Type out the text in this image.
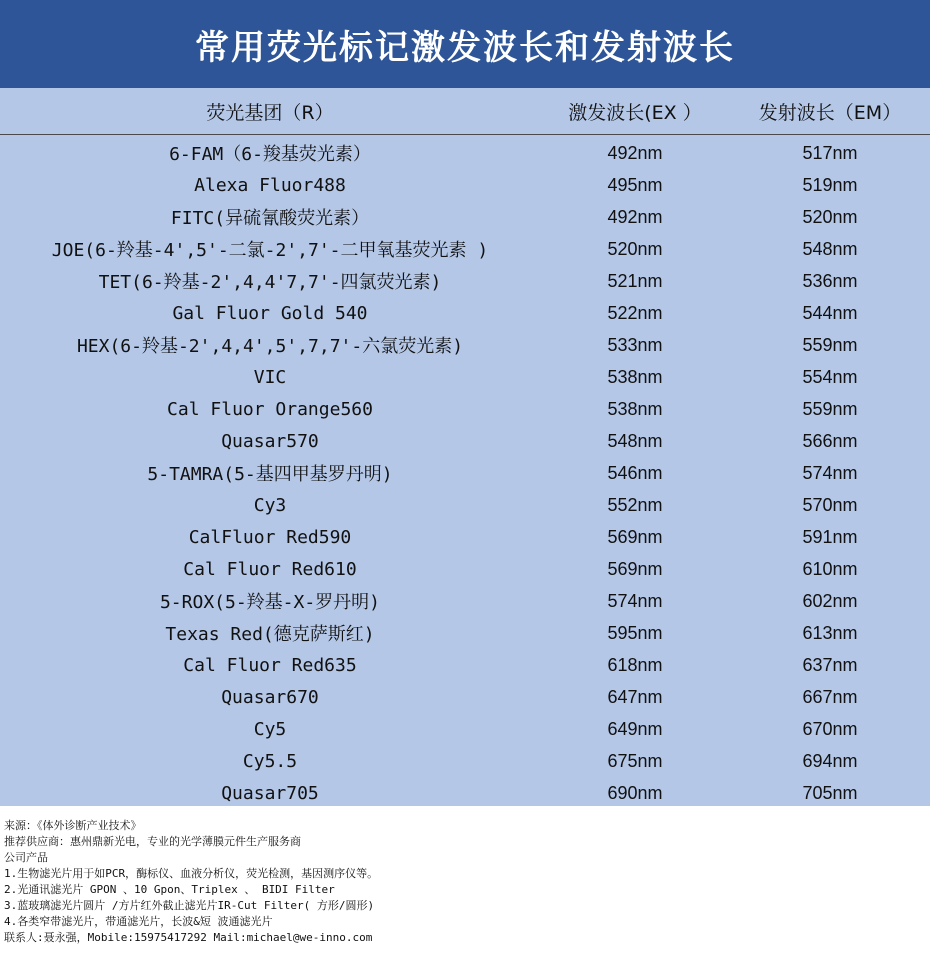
常用荧光标记激发波长和发射波长
荧光基团（R）	激发波长(EX ）	发射波长（EM）
6-FAM（6-羧基荧光素）	492nm	517nm
Alexa Fluor488	495nm	519nm
FITC(异硫氰酸荧光素）	492nm	520nm
JOE(6-羚基-4',5'-二氯-2',7'-二甲氧基荧光素 )	520nm	548nm
TET(6-羚基-2',4,4'7,7'-四氯荧光素)	521nm	536nm
Gal Fluor Gold 540	522nm	544nm
HEX(6-羚基-2',4,4',5',7,7'-六氯荧光素)	533nm	559nm
VIC	538nm	554nm
Cal Fluor Orange560	538nm	559nm
Quasar570	548nm	566nm
5-TAMRA(5-基四甲基罗丹明)	546nm	574nm
Cy3	552nm	570nm
CalFluor Red590	569nm	591nm
Cal Fluor Red610	569nm	610nm
5-ROX(5-羚基-X-罗丹明)	574nm	602nm
Texas Red(德克萨斯红)	595nm	613nm
Cal Fluor Red635	618nm	637nm
Quasar670	647nm	667nm
Cy5	649nm	670nm
Cy5.5	675nm	694nm
Quasar705	690nm	705nm
来源：《体外诊断产业技术》
推荐供应商：惠州鼎新光电，专业的光学薄膜元件生产服务商
公司产品
1.生物滤光片用于如PCR，酶标仪、血液分析仪，荧光检测，基因测序仪等。
2.光通讯滤光片 GPON 、10 Gpon、Triplex 、 BIDI Filter
3.蓝玻璃滤光片圆片 /方片红外截止滤光片IR-Cut Filter( 方形/圆形)
4.各类窄带滤光片，带通滤光片，长波&短 波通滤光片
联系人:聂永强，Mobile:15975417292 Mail:michael@we-inno.com
